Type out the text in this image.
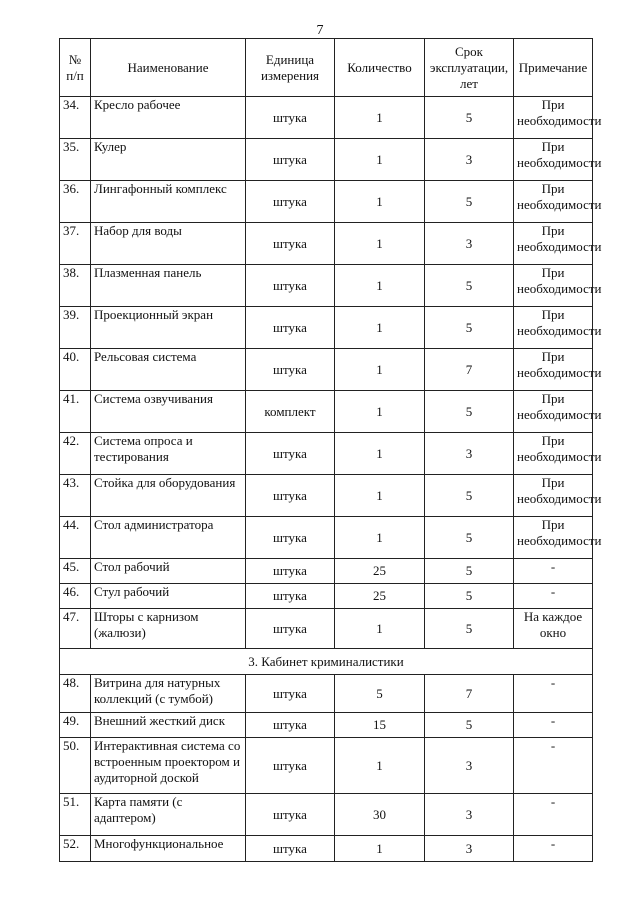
7
№ п/п	Наименование	Единица измерения	Количество	Срок эксплуатации, лет	Примечание
34.	Кресло рабочее	штука	1	5	При необходимости
35.	Кулер	штука	1	3	При необходимости
36.	Лингафонный комплекс	штука	1	5	При необходимости
37.	Набор для воды	штука	1	3	При необходимости
38.	Плазменная панель	штука	1	5	При необходимости
39.	Проекционный экран	штука	1	5	При необходимости
40.	Рельсовая система	штука	1	7	При необходимости
41.	Система озвучивания	комплект	1	5	При необходимости
42.	Система опроса и тестирования	штука	1	3	При необходимости
43.	Стойка для оборудования	штука	1	5	При необходимости
44.	Стол администратора	штука	1	5	При необходимости
45.	Стол рабочий	штука	25	5	-
46.	Стул рабочий	штука	25	5	-
47.	Шторы с карнизом (жалюзи)	штука	1	5	На каждое окно
3. Кабинет криминалистики					
48.	Витрина для натурных коллекций (с тумбой)	штука	5	7	-
49.	Внешний жесткий диск	штука	15	5	-
50.	Интерактивная система со встроенным проектором и аудиторной доской	штука	1	3	-
51.	Карта памяти (с адаптером)	штука	30	3	-
52.	Многофункциональное	штука	1	3	-
